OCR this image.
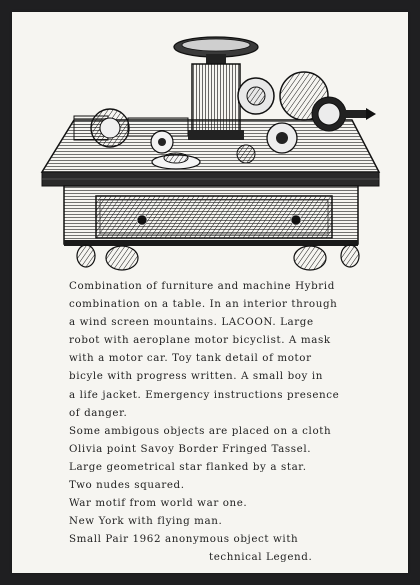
Combination of furniture and machine Hybrid
combination on a table. In an interior through
a wind screen mountains. LACOON. Large
robot with aeroplane motor bicyclist. A mask
with a motor car. Toy tank detail of motor
bicyle with progress written. A small boy in
a life jacket. Emergency instructions presence
of danger.
Some ambigous objects are placed on a cloth
Olivia point Savoy Border Fringed Tassel.
Large geometrical star flanked by a star.
Two nudes squared.
War motif from world war one.
New York with flying man.
Small Pair 1962 anonymous object with
technical Legend.
